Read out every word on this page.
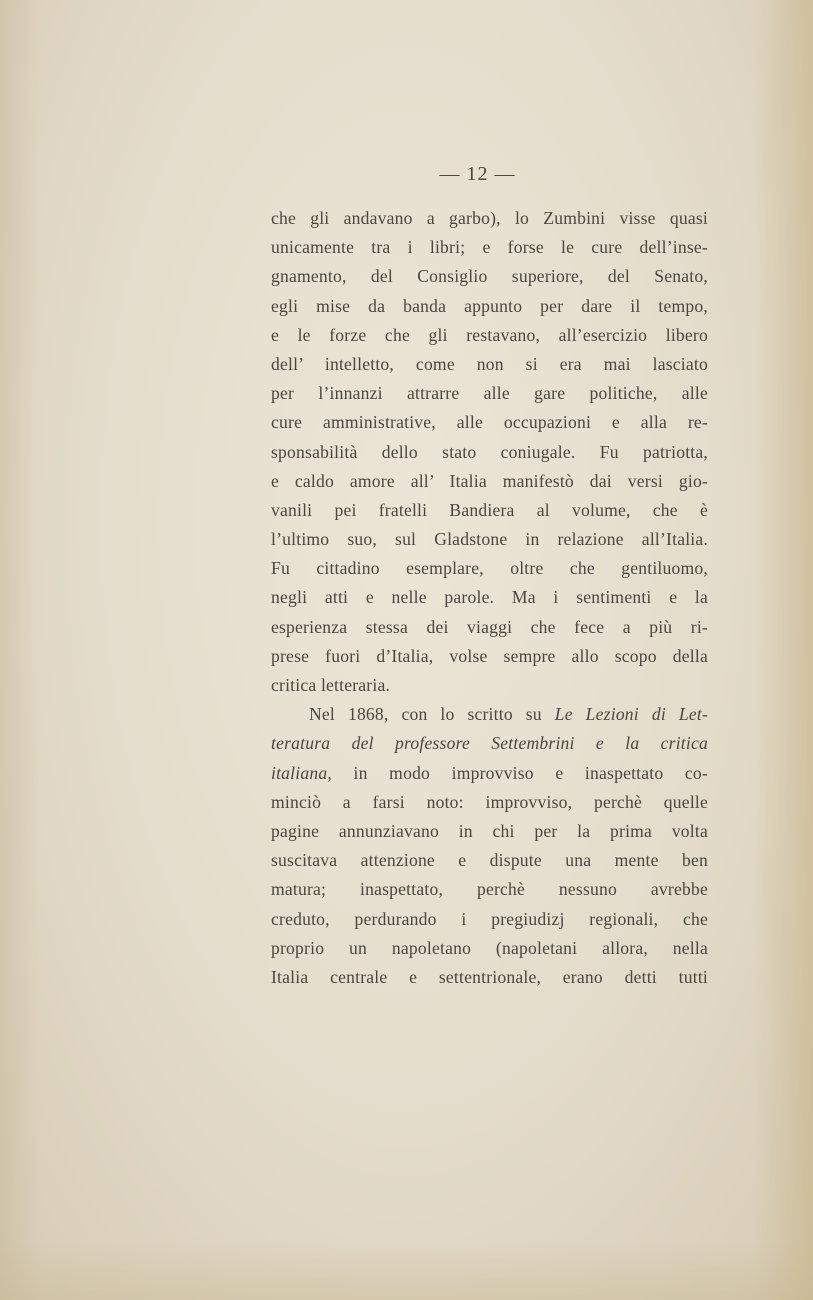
— 12 —
che gli andavano a garbo), lo Zumbini visse quasi
unicamente tra i libri; e forse le cure dell’inse-
gnamento, del Consiglio superiore, del Senato,
egli mise da banda appunto per dare il tempo,
e le forze che gli restavano, all’esercizio libero
dell’ intelletto, come non si era mai lasciato
per l’innanzi attrarre alle gare politiche, alle
cure amministrative, alle occupazioni e alla re-
sponsabilità dello stato coniugale. Fu patriotta,
e caldo amore all’ Italia manifestò dai versi gio-
vanili pei fratelli Bandiera al volume, che è
l’ultimo suo, sul Gladstone in relazione all’Italia.
Fu cittadino esemplare, oltre che gentiluomo,
negli atti e nelle parole. Ma i sentimenti e la
esperienza stessa dei viaggi che fece a più ri-
prese fuori d’Italia, volse sempre allo scopo della
critica letteraria.
Nel 1868, con lo scritto su Le Lezioni di Let-
teratura del professore Settembrini e la critica
italiana, in modo improvviso e inaspettato co-
minciò a farsi noto: improvviso, perchè quelle
pagine annunziavano in chi per la prima volta
suscitava attenzione e dispute una mente ben
matura; inaspettato, perchè nessuno avrebbe
creduto, perdurando i pregiudizj regionali, che
proprio un napoletano (napoletani allora, nella
Italia centrale e settentrionale, erano detti tutti
